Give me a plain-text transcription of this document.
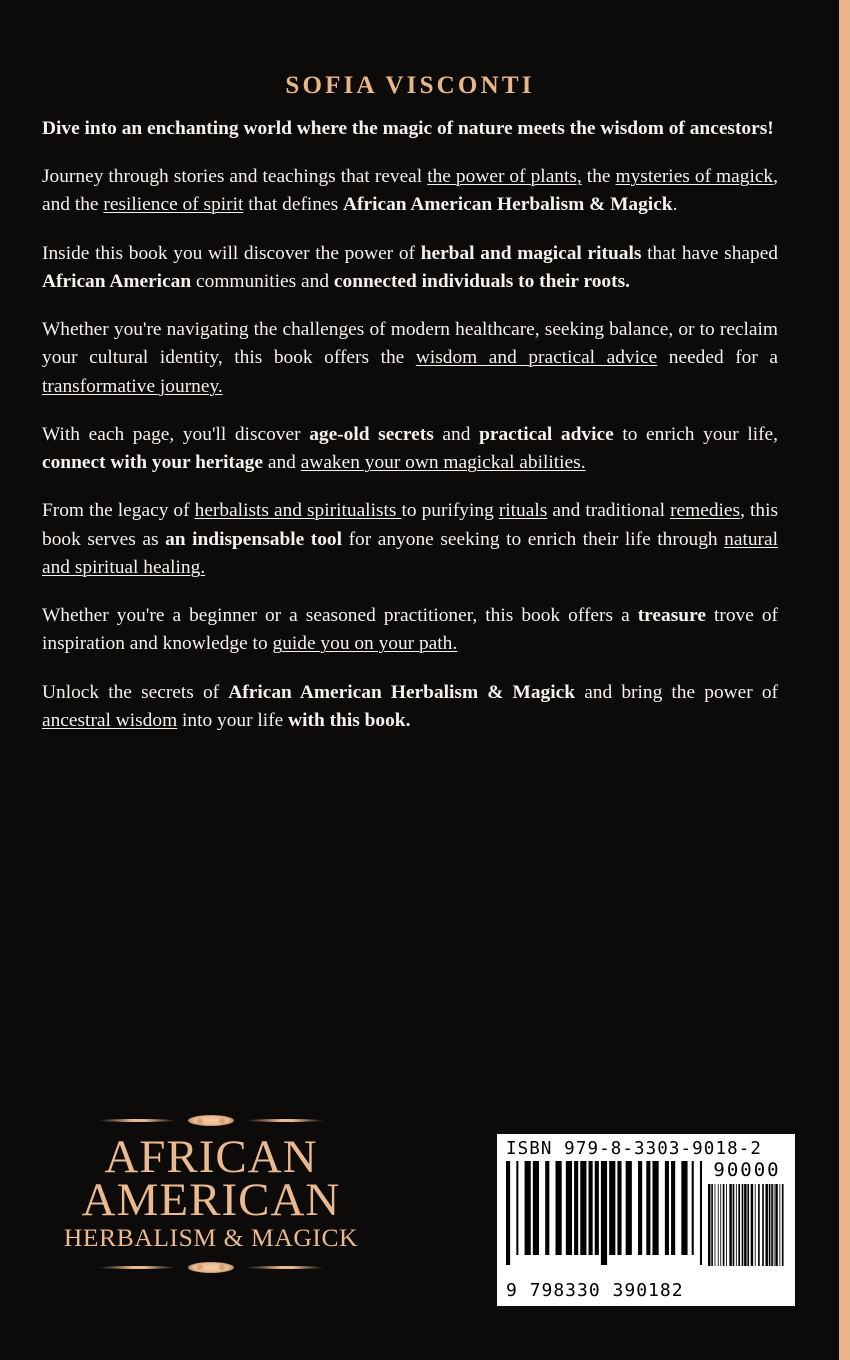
SOFIA VISCONTI

Dive into an enchanting world where the magic of nature meets the wisdom of ancestors!

Journey through stories and teachings that reveal the power of plants, the mysteries of magick, and the resilience of spirit that defines African American Herbalism & Magick.

Inside this book you will discover the power of herbal and magical rituals that have shaped African American communities and connected individuals to their roots.

Whether you're navigating the challenges of modern healthcare, seeking balance, or to reclaim your cultural identity, this book offers the wisdom and practical advice needed for a transformative journey.

With each page, you'll discover age-old secrets and practical advice to enrich your life, connect with your heritage and awaken your own magickal abilities.

From the legacy of herbalists and spiritualists to purifying rituals and traditional remedies, this book serves as an indispensable tool for anyone seeking to enrich their life through natural and spiritual healing.

Whether you're a beginner or a seasoned practitioner, this book offers a treasure trove of inspiration and knowledge to guide you on your path.

Unlock the secrets of African American Herbalism & Magick and bring the power of ancestral wisdom into your life with this book.

AFRICAN
AMERICAN
HERBALISM & MAGICK
ISBN 979-8-3303-9018-2
90000
9 798330 390182
